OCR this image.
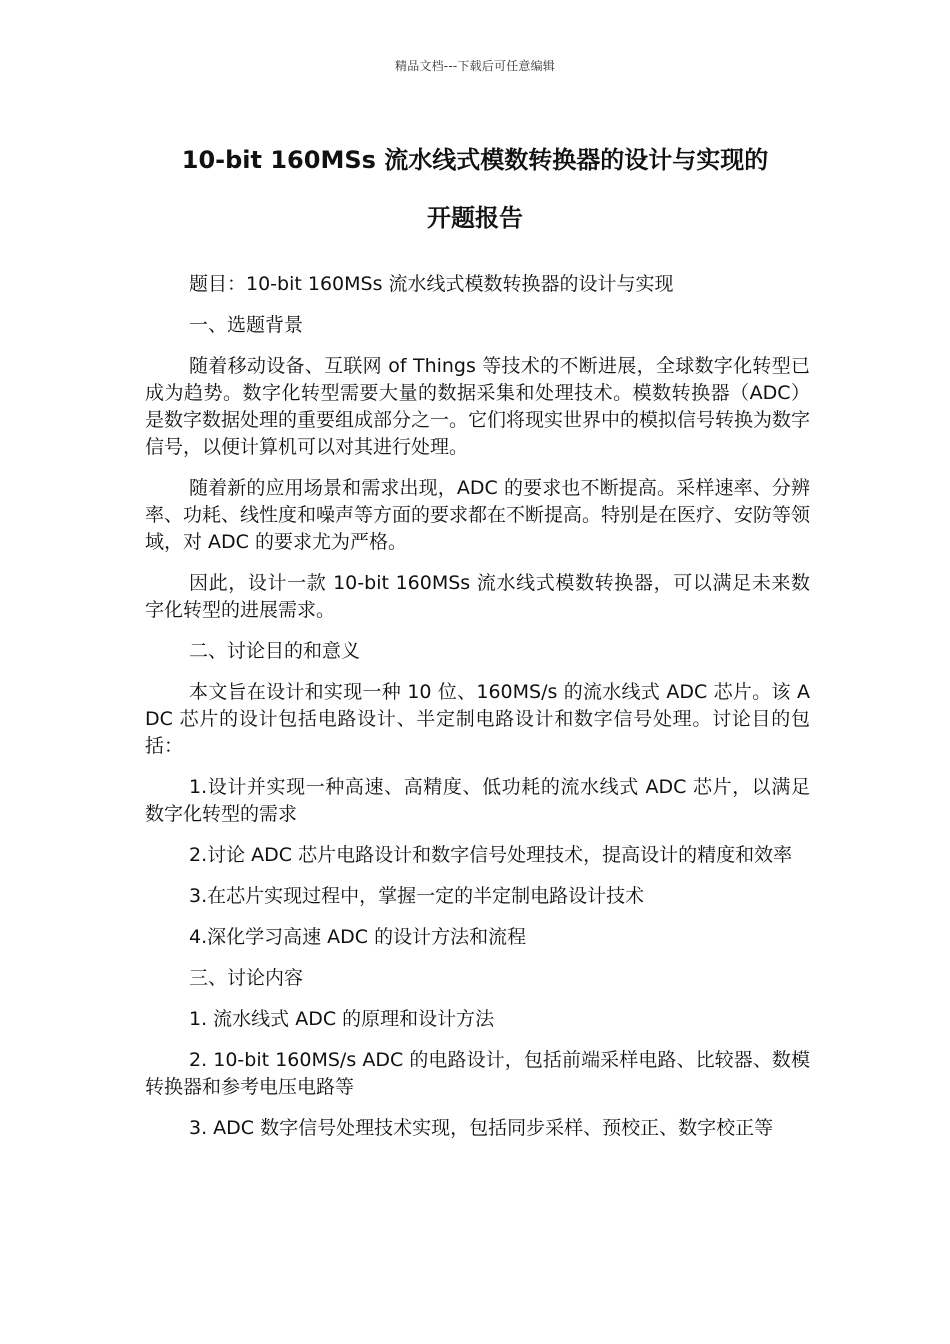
精品文档---下载后可任意编辑
10-bit 160MSs 流水线式模数转换器的设计与实现的
开题报告

题目：10-bit 160MSs 流水线式模数转换器的设计与实现

一、选题背景

随着移动设备、互联网 of Things 等技术的不断进展，全球数字化转型已成为趋势。数字化转型需要大量的数据采集和处理技术。模数转换器（ADC）是数字数据处理的重要组成部分之一。它们将现实世界中的模拟信号转换为数字信号，以便计算机可以对其进行处理。

随着新的应用场景和需求出现，ADC 的要求也不断提高。采样速率、分辨率、功耗、线性度和噪声等方面的要求都在不断提高。特别是在医疗、安防等领域，对 ADC 的要求尤为严格。

因此，设计一款 10-bit 160MSs 流水线式模数转换器，可以满足未来数字化转型的进展需求。

二、讨论目的和意义

本文旨在设计和实现一种 10 位、160MS/s 的流水线式 ADC 芯片。该 ADC 芯片的设计包括电路设计、半定制电路设计和数字信号处理。讨论目的包括：

1.设计并实现一种高速、高精度、低功耗的流水线式 ADC 芯片，以满足数字化转型的需求

2.讨论 ADC 芯片电路设计和数字信号处理技术，提高设计的精度和效率

3.在芯片实现过程中，掌握一定的半定制电路设计技术

4.深化学习高速 ADC 的设计方法和流程

三、讨论内容

1. 流水线式 ADC 的原理和设计方法

2. 10-bit 160MS/s ADC 的电路设计，包括前端采样电路、比较器、数模转换器和参考电压电路等

3. ADC 数字信号处理技术实现，包括同步采样、预校正、数字校正等
